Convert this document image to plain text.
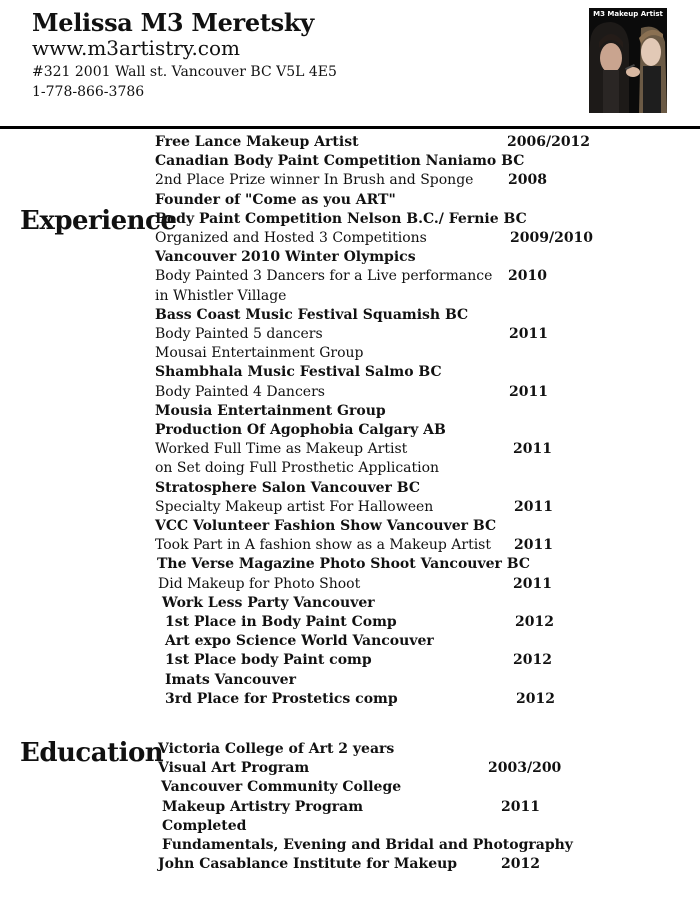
Melissa M3 Meretsky
www.m3artistry.com
#321 2001 Wall st. Vancouver BC V5L 4E5
1-778-866-3786
M3 Makeup Artist
Experience
Education
Free Lance Makeup Artist	2006/2012
Canadian Body Paint Competition Naniamo BC
2nd Place Prize winner In Brush and Sponge 2008
Founder of "Come as you ART"
Body Paint Competition Nelson B.C./ Fernie BC
Organized and Hosted 3 Competitions	2009/2010
Vancouver 2010 Winter Olympics
Body Painted 3 Dancers for a Live performance 2010
in Whistler Village
Bass Coast Music Festival Squamish BC
Body Painted 5 dancers	2011
Mousai Entertainment Group
Shambhala Music Festival Salmo BC
Body Painted 4 Dancers	2011
Mousia Entertainment Group
Production Of Agophobia Calgary AB
Worked Full Time as Makeup Artist	2011
on Set doing Full Prosthetic Application
Stratosphere Salon Vancouver BC
Specialty Makeup artist For Halloween	2011
VCC Volunteer Fashion Show Vancouver BC
Took Part in A fashion show as a Makeup Artist 2011
The Verse Magazine Photo Shoot Vancouver BC
Did Makeup for Photo Shoot	2011
Work Less Party Vancouver
1st Place in Body Paint Comp	2012
Art expo Science World Vancouver
1st Place body Paint comp	2012
Imats Vancouver
3rd Place for Prostetics comp	2012
Victoria College of Art 2 years
Visual Art Program	2003/200
Vancouver Community College
Makeup Artistry Program	2011
Completed
Fundamentals, Evening and Bridal and Photography
John Casablance Institute for Makeup	2012
